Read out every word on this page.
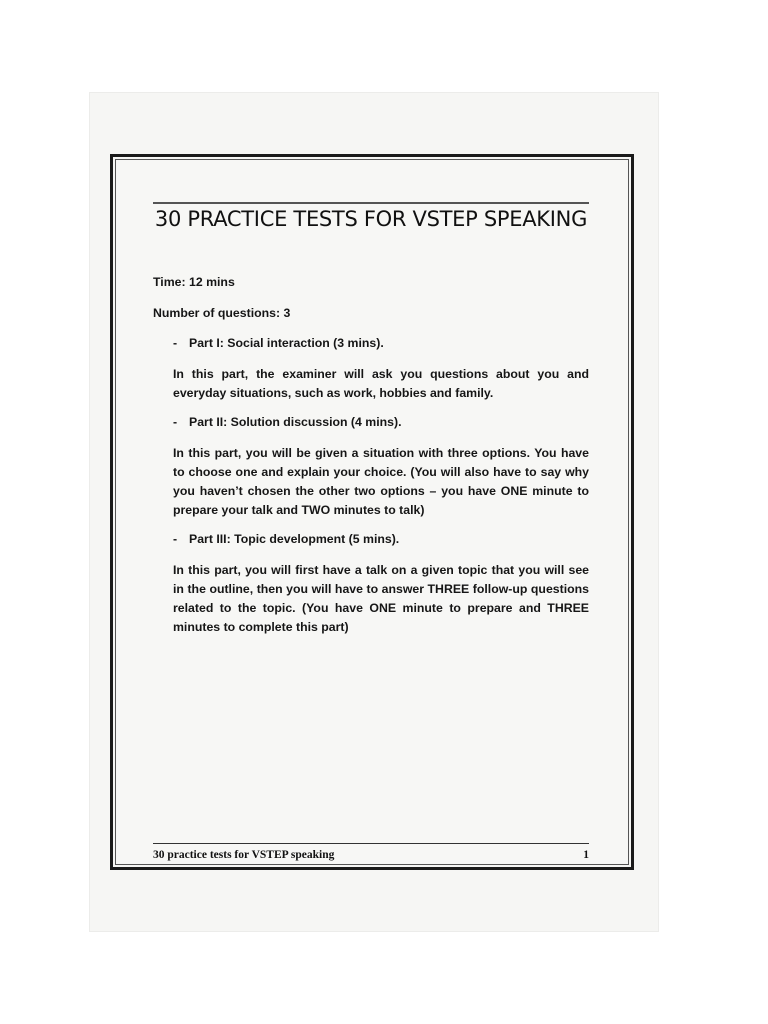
30 PRACTICE TESTS FOR VSTEP SPEAKING

Time: 12 mins

Number of questions: 3

- Part I: Social interaction (3 mins).

In this part, the examiner will ask you questions about you and everyday situations, such as work, hobbies and family.

- Part II: Solution discussion (4 mins).

In this part, you will be given a situation with three options. You have to choose one and explain your choice. (You will also have to say why you haven’t chosen the other two options – you have ONE minute to prepare your talk and TWO minutes to talk)

- Part III: Topic development (5 mins).

In this part, you will first have a talk on a given topic that you will see in the outline, then you will have to answer THREE follow-up questions related to the topic. (You have ONE minute to prepare and THREE minutes to complete this part)

30 practice tests for VSTEP speaking	1
